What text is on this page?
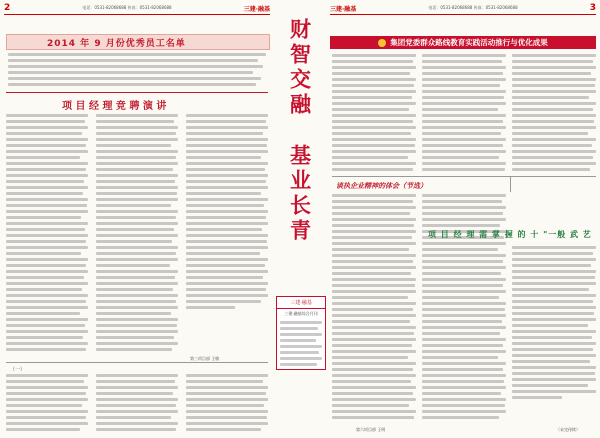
2	电话：0531-82068688 传真：0531-82068688	三建·融基
2014 年 9 月份优秀员工名单
项 目 经 理 竞 聘 演 讲
第三项目部 王敏
（一）
财智交融
基业长青
三建·融基
三建·融基综合月刊
三建·融基	电话：0531-82068688 传真：0531-82068688	3
集团党委群众路线教育实践活动推行与优化成果
谈执企业精神的体会（节选）
第六项目部 王明
项 目 经 理 需 掌 握 的 十 "一般 武 艺
（未完待续）
